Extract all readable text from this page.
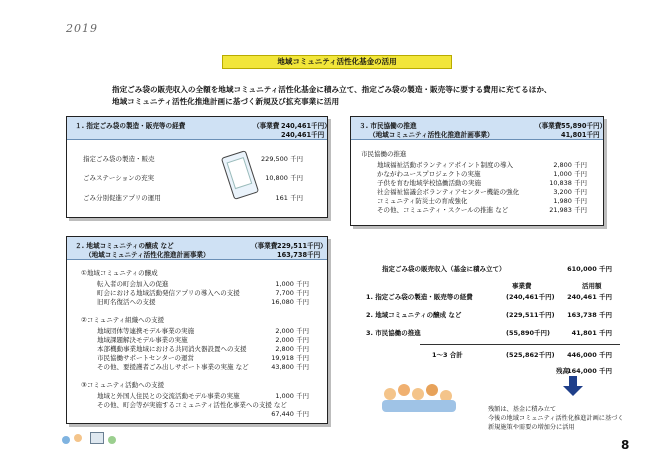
2019
地域コミュニティ活性化基金の活用
指定ごみ袋の販売収入の全額を地域コミュニティ活性化基金に積み立て、指定ごみ袋の製造・販売等に要する費用に充てるほか、
地域コミュニティ活性化推進計画に基づく新規及び拡充事業に活用
１. 指定ごみ袋の製造・販売等の経費	（事業費 240,461千円）
240,461千円
指定ごみ袋の製造・販売	229,500 千円
ごみステーションの充実	10,800 千円
ごみ分別促進アプリの運用	161 千円
３. 市民協働の推進
（地域コミュニティ活性化推進計画事業）
（事業費 55,890千円）
41,801千円
市民協働の推進
地域福祉活動ボランティアポイント制度の導入	2,800 千円
かながわユースプロジェクトの実施	1,000 千円
子供を育む地域学校協働活動の実施	10,838 千円
社会福祉協議会ボランティアセンター機能の強化	3,200 千円
コミュニティ防災士の育成強化	1,980 千円
その他、コミュニティ・スクールの推進 など	21,983 千円
２. 地域コミュニティの醸成 など
（地域コミュニティ活性化推進計画事業）
（事業費 229,511千円）
163,738千円
①地域コミュニティの醸成
転入者の町会加入の促進	1,000 千円
町会における地域活動発信アプリの導入への支援	7,700 千円
旧町名復活への支援	16,080 千円
②コミュニティ組織への支援
地域団体等連携モデル事業の実施	2,000 千円
地域課題解決モデル事業の実施	2,000 千円
本部機動事業地域における共同消火器設置への支援	2,800 千円
市民協働サポートセンターの運営	19,918 千円
その他、要援護者ごみ出しサポート事業の実施 など	43,800 千円
③コミュニティ活動への支援
地域と外国人住民との交流活動モデル事業の実施	1,000 千円
その他、町会等が実施するコミュニティ活性化事業への支援 など
67,440 千円
指定ごみ袋の販売収入（基金に積み立て）	610,000 千円
事業費	活用額
1. 指定ごみ袋の製造・販売等の経費	(240,461千円) 240,461 千円
2. 地域コミュニティの醸成 など	(229,511千円) 163,738 千円
3. 市民協働の推進	(55,890千円)	41,801 千円
1～3 合計	(525,862千円) 446,000 千円
残高
164,000 千円
残額は、基金に積み立て
今後の地域コミュニティ活性化推進計画に基づく
新規施策や需要の増加分に活用
8
